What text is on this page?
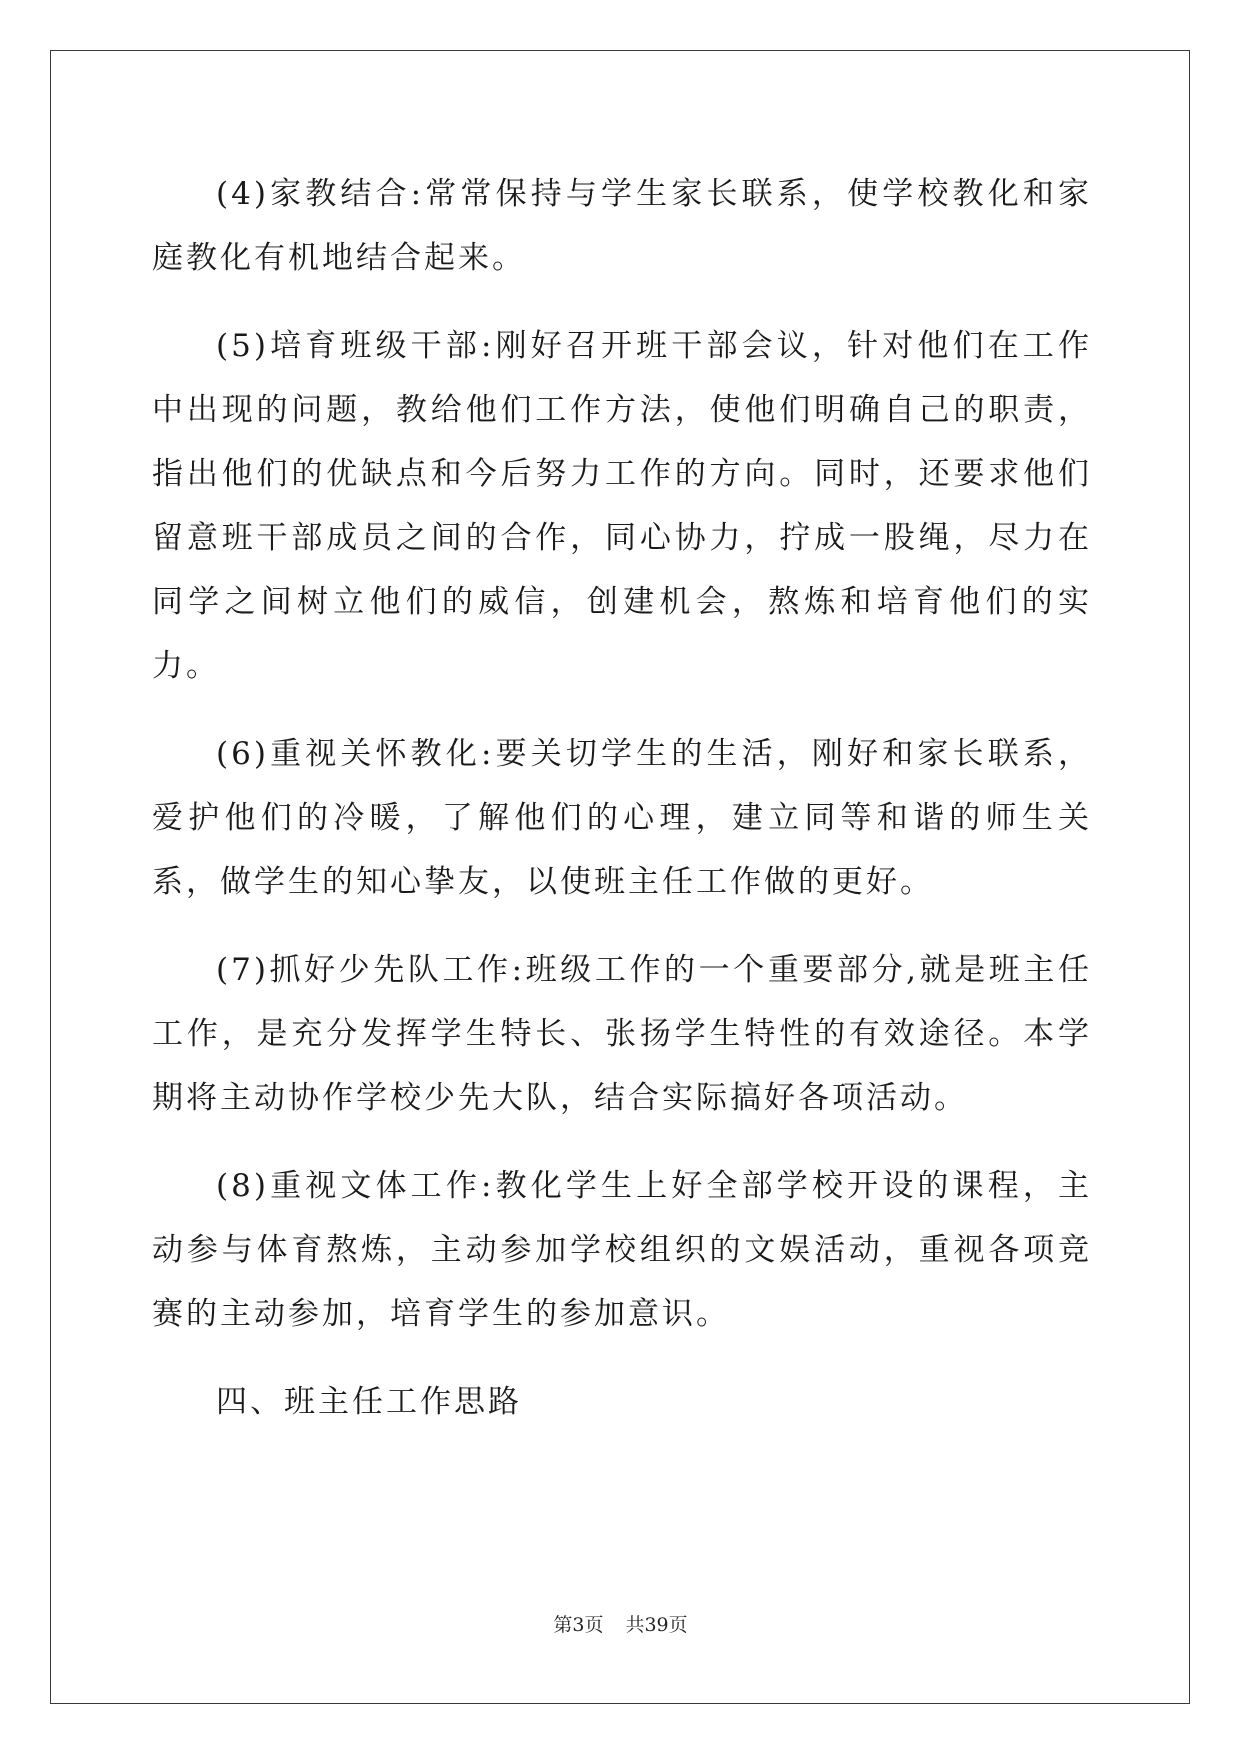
(4)家教结合:常常保持与学生家长联系，使学校教化和家庭教化有机地结合起来。

(5)培育班级干部:刚好召开班干部会议，针对他们在工作中出现的问题，教给他们工作方法，使他们明确自己的职责，指出他们的优缺点和今后努力工作的方向。同时，还要求他们留意班干部成员之间的合作，同心协力，拧成一股绳，尽力在同学之间树立他们的威信，创建机会，熬炼和培育他们的实力。

(6)重视关怀教化:要关切学生的生活，刚好和家长联系，爱护他们的冷暖，了解他们的心理，建立同等和谐的师生关系，做学生的知心挚友，以使班主任工作做的更好。

(7)抓好少先队工作:班级工作的一个重要部分,就是班主任工作，是充分发挥学生特长、张扬学生特性的有效途径。本学期将主动协作学校少先大队，结合实际搞好各项活动。

(8)重视文体工作:教化学生上好全部学校开设的课程，主动参与体育熬炼，主动参加学校组织的文娱活动，重视各项竞赛的主动参加，培育学生的参加意识。

四、班主任工作思路

第3页 共39页
